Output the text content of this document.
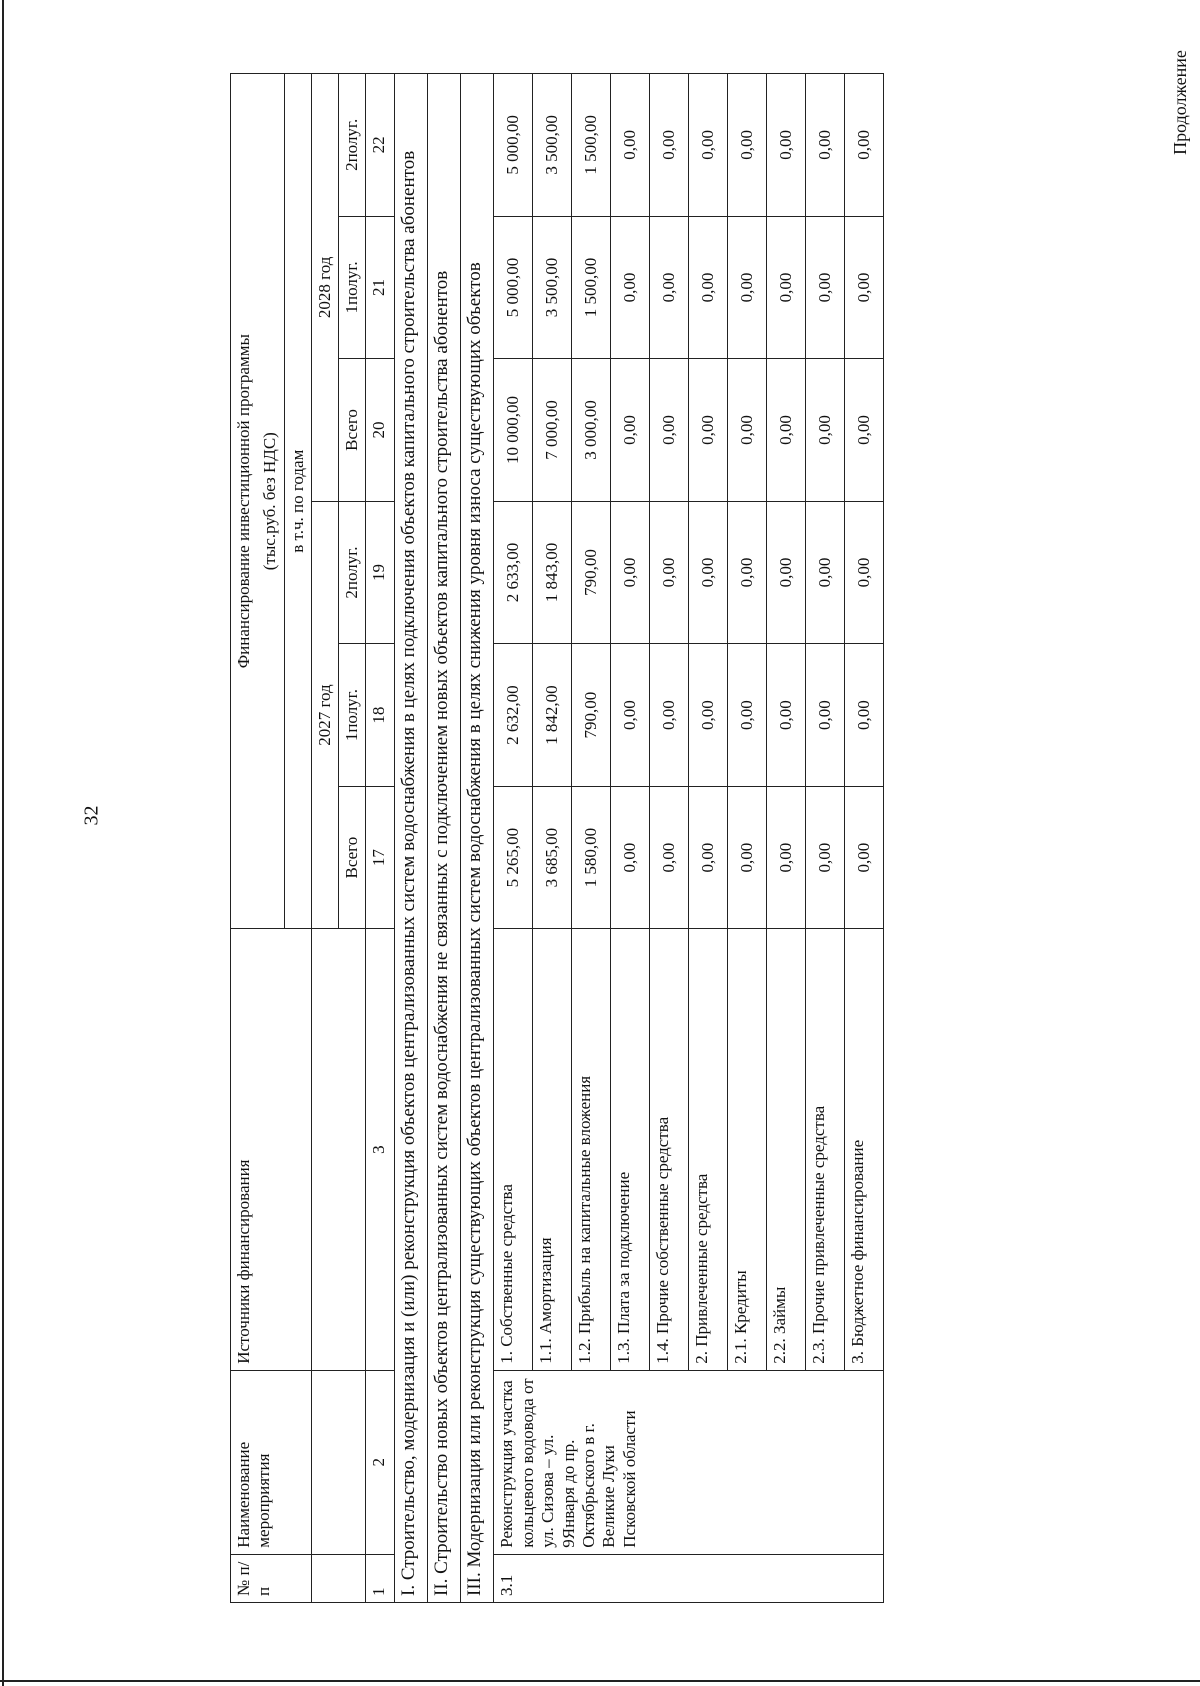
32
Продолжение
№ п/п	Наименование мероприятия	Источники финансирования	Финансирование инвестиционной программы
(тыс.руб. без НДС)
в т.ч. по годам

			2027 год			2028 год		
			Всего	1полуг.	2полуг.	Всего	1полуг.	2полуг.
1	2	3	17	18	19	20	21	22
I. Строительство, модернизация и (или) реконструкция объектов централизованных систем водоснабжения в целях подключения объектов капитального строительства абонентов								
II. Строительство новых объектов централизованных систем водоснабжения не связанных с подключением новых объектов капитального строительства абонентов								
III. Модернизация или реконструкция существующих объектов централизованных систем водоснабжения в целях снижения уровня износа существующих объектов								
3.1	Реконструкция участка кольцевого водовода от ул. Сизова – ул. 9Января до пр. Октябрьского в г. Великие Луки Псковской области	1. Собственные средства	5 265,00	2 632,00	2 633,00	10 000,00	5 000,00	5 000,00
		1.1. Амортизация	3 685,00	1 842,00	1 843,00	7 000,00	3 500,00	3 500,00
		1.2. Прибыль на капитальные вложения	1 580,00	790,00	790,00	3 000,00	1 500,00	1 500,00
		1.3. Плата за подключение	0,00	0,00	0,00	0,00	0,00	0,00
		1.4. Прочие собственные средства	0,00	0,00	0,00	0,00	0,00	0,00
		2. Привлеченные средства	0,00	0,00	0,00	0,00	0,00	0,00
		2.1. Кредиты	0,00	0,00	0,00	0,00	0,00	0,00
		2.2. Займы	0,00	0,00	0,00	0,00	0,00	0,00
		2.3. Прочие привлеченные средства	0,00	0,00	0,00	0,00	0,00	0,00
		3. Бюджетное финансирование	0,00	0,00	0,00	0,00	0,00	0,00
